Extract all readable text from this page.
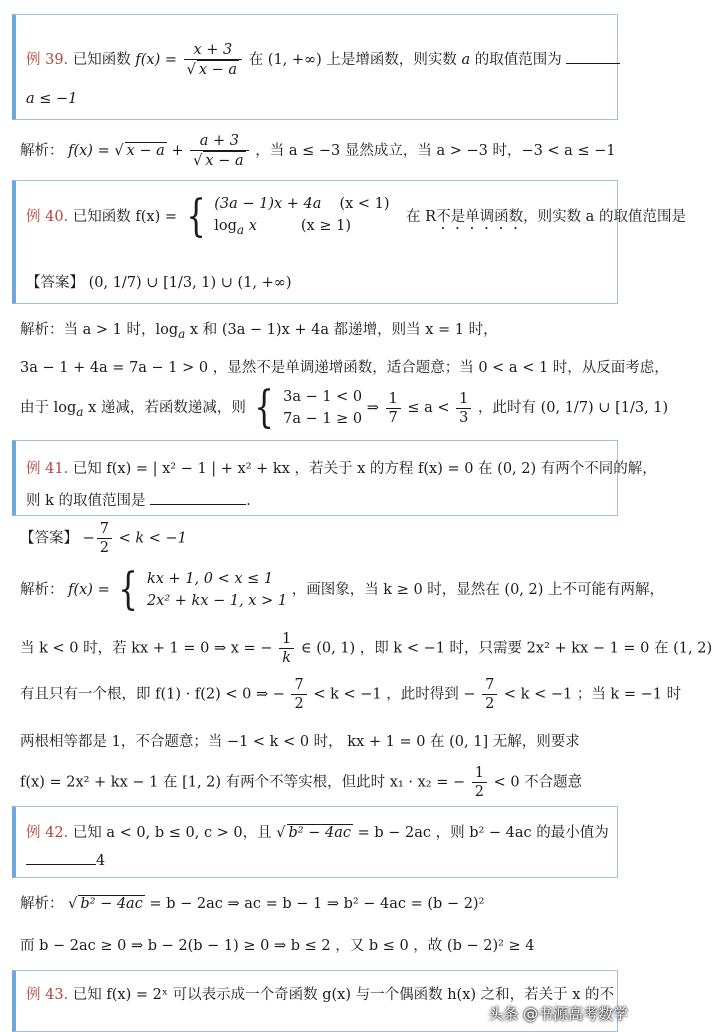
例 39. 已知函数 $f(x) = \frac{x + 3}{√ x - a}$ 在 (1, +∞) 上是增函数，则实数 a 的取值范围为
a ≤ −1
解析： f(x) = √ $x - a + \frac{a + 3}{√ x - a}$ ，当 a ≤ −3 显然成立，当 a > −3 时，−3 < a ≤ −1
例 40. 已知函数 f(x) = { (3a − 1)x + 4a (x < 1)
$\log_a x$	(x ≥ 1)
在 R不是单调函数，则实数 a 的取值范围是
【答案】 (0, 1/7) ∪ [1/3, 1) ∪ (1, +∞)
解析：当 a > 1 时，$\log_a x$ 和 (3a − 1)x + 4a 都递增，则当 x = 1 时，
3a − 1 + 4a = 7a − 1 > 0 ，显然不是单调递增函数，适合题意；当 0 < a < 1 时，从反面考虑，
由于 $\log_a x$ 递减，若函数递减，则 { 3a − 1 < 0
7a − 1 ≥ 0
⇒ $\frac{1}{7} \le a < \frac{1}{3}$ ，此时有 (0, 1/7) ∪ [1/3, 1)
例 41. 已知 f(x) = | x² − 1 | + x² + kx ，若关于 x 的方程 f(x) = 0 在 (0, 2) 有两个不同的解，
则 k 的取值范围是	.
【答案】 − $\frac{7}{2} < k < -1$
解析： f(x) = { kx + 1, 0 < x ≤ 1
2x² + kx − 1, x > 1
，画图象，当 k ≥ 0 时，显然在 (0, 2) 上不可能有两解，
当 k < 0 时，若 kx + 1 = 0 ⇒ x = − $\frac{1}{k}$ ∈ (0, 1) ，即 k < −1 时，只需要 2x² + kx − 1 = 0 在 (1, 2)
有且只有一个根，即 f(1) · f(2) < 0 ⇒ − $\frac{7}{2} < k < -1$ ，此时得到 − $\frac{7}{2} < k < -1$ ；当 k = −1 时
两根相等都是 1，不合题意；当 −1 < k < 0 时， kx + 1 = 0 在 (0, 1] 无解，则要求
f(x) = 2x² + kx − 1 在 [1, 2) 有两个不等实根，但此时 x₁ · x₂ = − $\frac{1}{2} < 0$ 不合题意
例 42. 已知 a < 0, b ≤ 0, c > 0，且 √ b² − 4ac = b − 2ac ，则 b² − 4ac 的最小值为
4
解析： √ b² − 4ac = b − 2ac ⇒ ac = b − 1 ⇒ b² − 4ac = (b − 2)²
而 b − 2ac ≥ 0 ⇒ b − 2(b − 1) ≥ 0 ⇒ b ≤ 2 ，又 b ≤ 0 ，故 (b − 2)² ≥ 4
例 43. 已知 f(x) = 2ˣ 可以表示成一个奇函数 g(x) 与一个偶函数 h(x) 之和，若关于 x 的不
头条 @书源高考数学
